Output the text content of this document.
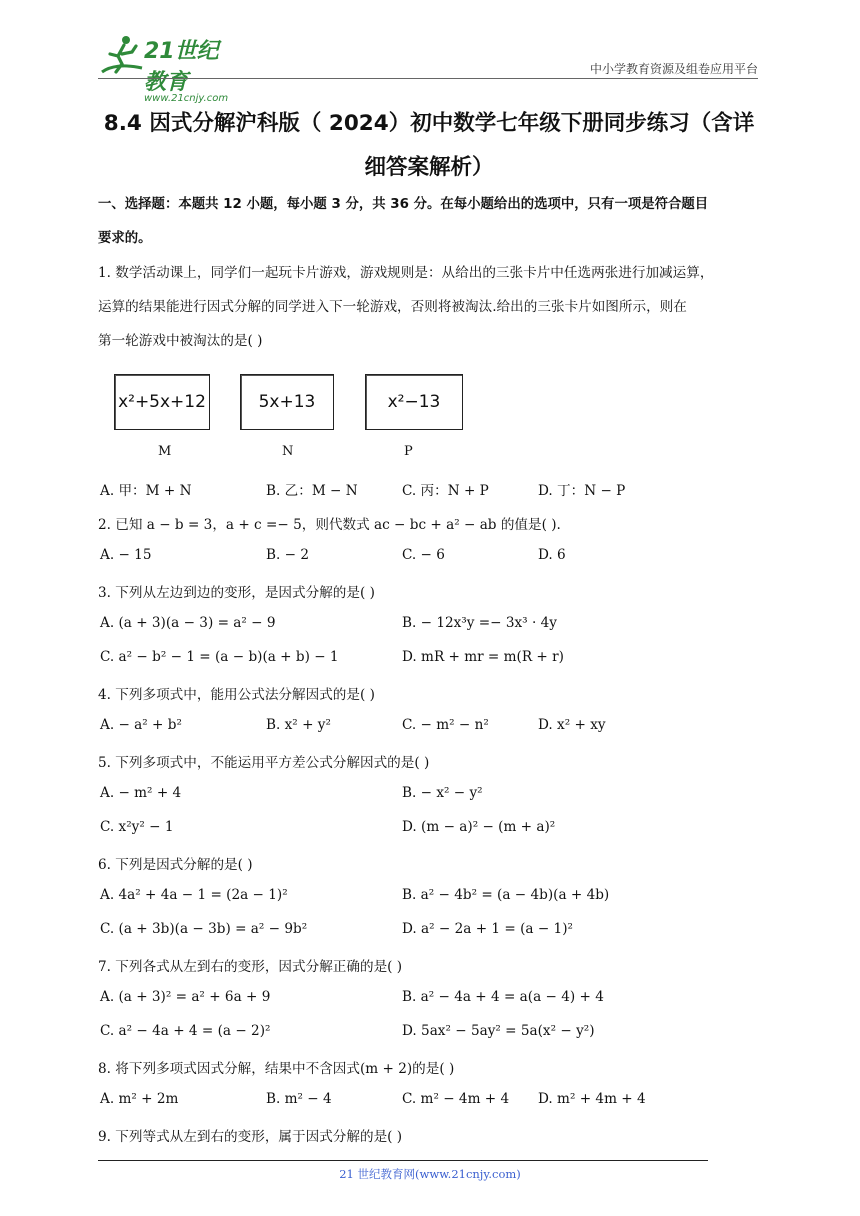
21世纪教育
www.21cnjy.com
中小学教育资源及组卷应用平台
8.4 因式分解沪科版（ 2024）初中数学七年级下册同步练习（含详
细答案解析）
一、选择题：本题共 12 小题，每小题 3 分，共 36 分。在每小题给出的选项中，只有一项是符合题目
要求的。
1. 数学活动课上，同学们一起玩卡片游戏，游戏规则是：从给出的三张卡片中任选两张进行加减运算，
运算的结果能进行因式分解的同学进入下一轮游戏，否则将被淘汰.给出的三张卡片如图所示，则在
第一轮游戏中被淘汰的是( )
x²+5x+12	5x+13	x²−13
M	N	P
A. 甲：M + N	B. 乙：M − N	C. 丙：N + P	D. 丁：N − P
2. 已知 a − b = 3，a + c =− 5，则代数式 ac − bc + a² − ab 的值是( ).
A. − 15	B. − 2	C. − 6	D. 6
3. 下列从左边到边的变形，是因式分解的是( )
A. (a + 3)(a − 3) = a² − 9	B. − 12x³y =− 3x³ · 4y
C. a² − b² − 1 = (a − b)(a + b) − 1	D. mR + mr = m(R + r)
4. 下列多项式中，能用公式法分解因式的是( )
A. − a² + b²	B. x² + y²	C. − m² − n²	D. x² + xy
5. 下列多项式中，不能运用平方差公式分解因式的是( )
A. − m² + 4	B. − x² − y²
C. x²y² − 1	D. (m − a)² − (m + a)²
6. 下列是因式分解的是( )
A. 4a² + 4a − 1 = (2a − 1)²	B. a² − 4b² = (a − 4b)(a + 4b)
C. (a + 3b)(a − 3b) = a² − 9b²	D. a² − 2a + 1 = (a − 1)²
7. 下列各式从左到右的变形，因式分解正确的是( )
A. (a + 3)² = a² + 6a + 9	B. a² − 4a + 4 = a(a − 4) + 4
C. a² − 4a + 4 = (a − 2)²	D. 5ax² − 5ay² = 5a(x² − y²)
8. 将下列多项式因式分解，结果中不含因式(m + 2)的是( )
A. m² + 2m	B. m² − 4	C. m² − 4m + 4 D. m² + 4m + 4
9. 下列等式从左到右的变形，属于因式分解的是( )
21 世纪教育网(www.21cnjy.com)
